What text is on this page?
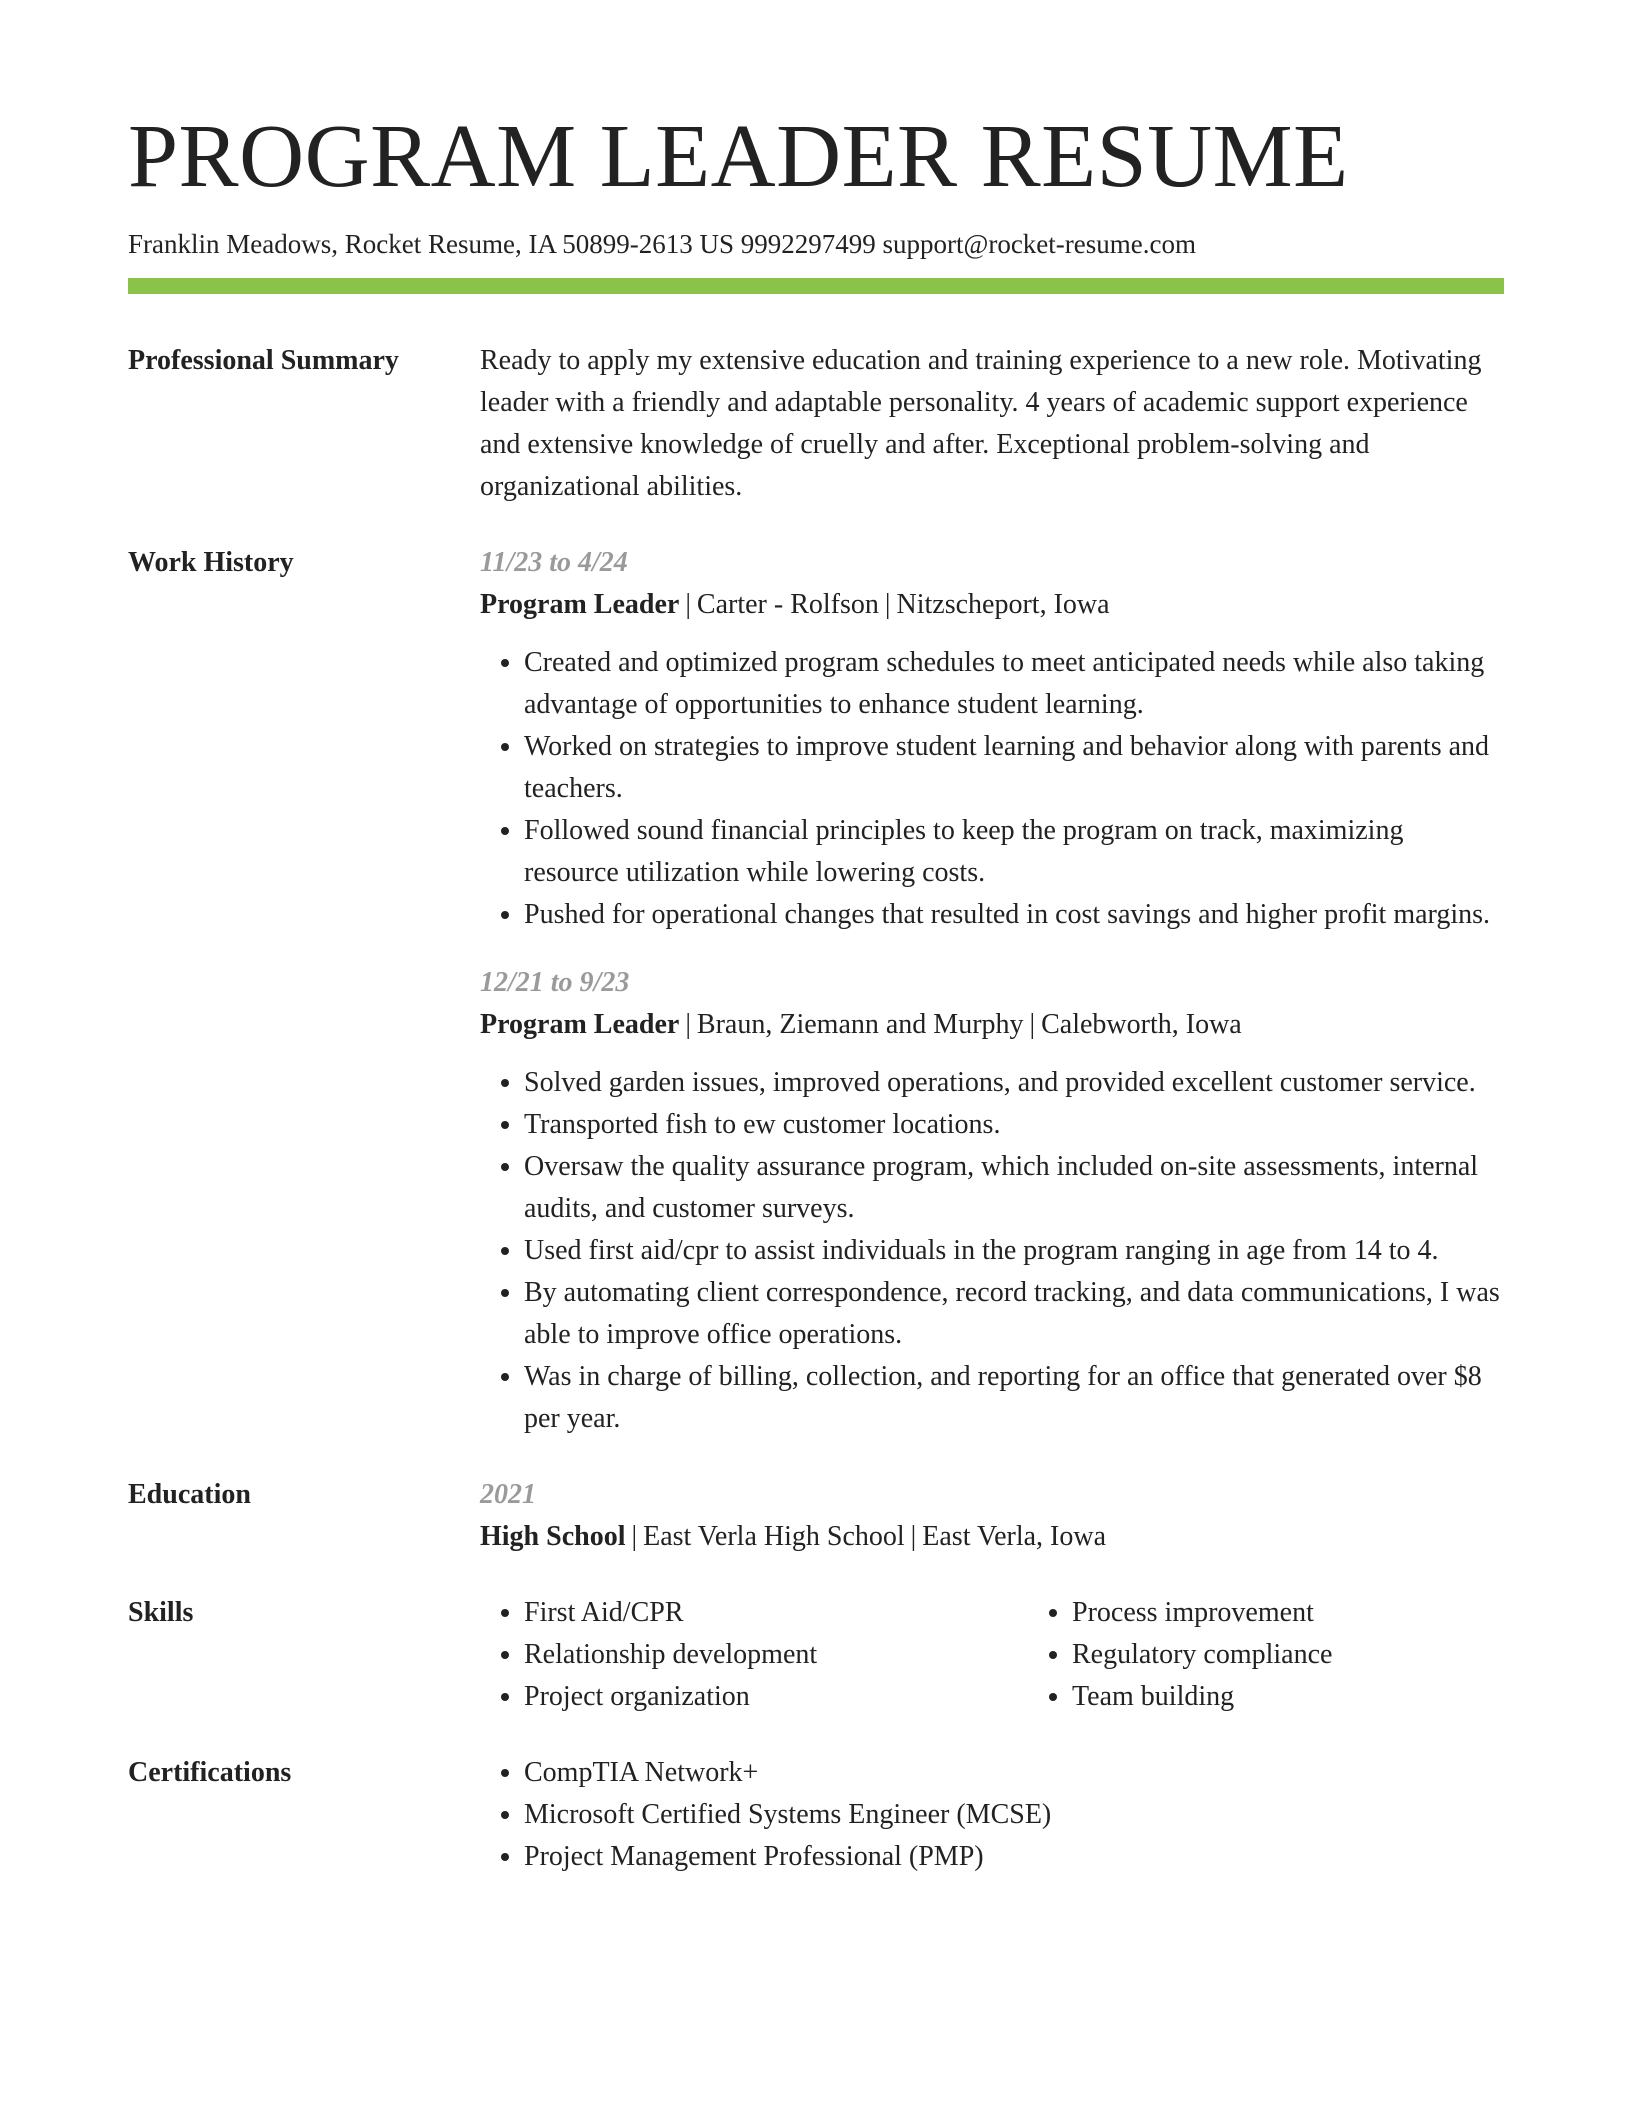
PROGRAM LEADER RESUME
Franklin Meadows, Rocket Resume, IA 50899-2613 US 9992297499 support@rocket-resume.com
Professional Summary	Ready to apply my extensive education and training experience to a new role. Motivating leader with a friendly and adaptable personality. 4 years of academic support experience and extensive knowledge of cruelly and after. Exceptional problem-solving and organizational abilities.

Work History	11/23 to 4/24
Program Leader | Carter - Rolfson | Nitzscheport, Iowa
• Created and optimized program schedules to meet anticipated needs while also taking advantage of opportunities to enhance student learning.
• Worked on strategies to improve student learning and behavior along with parents and teachers.
• Followed sound financial principles to keep the program on track, maximizing resource utilization while lowering costs.
• Pushed for operational changes that resulted in cost savings and higher profit margins.
12/21 to 9/23
Program Leader | Braun, Ziemann and Murphy | Calebworth, Iowa
• Solved garden issues, improved operations, and provided excellent customer service.
• Transported fish to ew customer locations.
• Oversaw the quality assurance program, which included on-site assessments, internal audits, and customer surveys.
• Used first aid/cpr to assist individuals in the program ranging in age from 14 to 4.
• By automating client correspondence, record tracking, and data communications, I was able to improve office operations.
• Was in charge of billing, collection, and reporting for an office that generated over $8 per year.
Education	2021
High School | East Verla High School | East Verla, Iowa
Skills	• First Aid/CPR
• Relationship development
• Project organization
• Process improvement
• Regulatory compliance
• Team building
Certifications	• CompTIA Network+
• Microsoft Certified Systems Engineer (MCSE)
• Project Management Professional (PMP)
